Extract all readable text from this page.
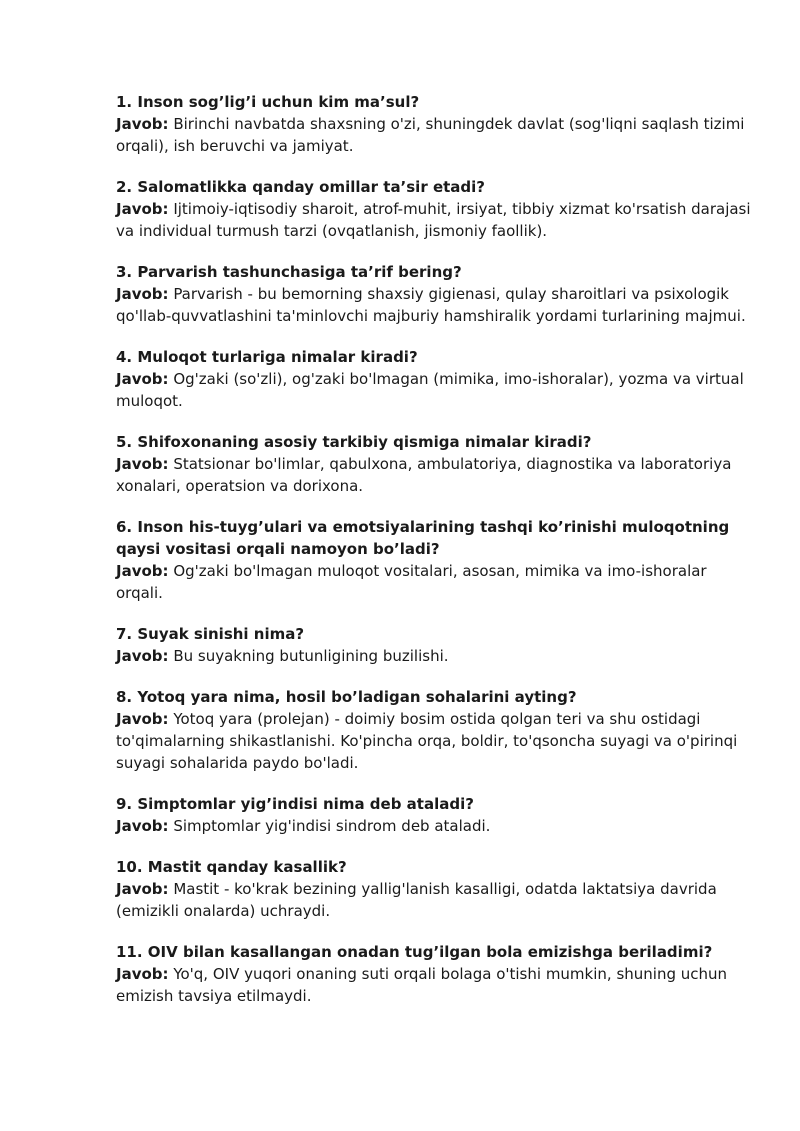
1. Inson sog’lig’i uchun kim ma’sul?

Javob: Birinchi navbatda shaxsning o'zi, shuningdek davlat (sog'liqni saqlash tizimi orqali), ish beruvchi va jamiyat.

2. Salomatlikka qanday omillar ta’sir etadi?

Javob: Ijtimoiy-iqtisodiy sharoit, atrof-muhit, irsiyat, tibbiy xizmat ko'rsatish darajasi va individual turmush tarzi (ovqatlanish, jismoniy faollik).

3. Parvarish tashunchasiga ta’rif bering?

Javob: Parvarish - bu bemorning shaxsiy gigienasi, qulay sharoitlari va psixologik qo'llab-quvvatlashini ta'minlovchi majburiy hamshiralik yordami turlarining majmui.

4. Muloqot turlariga nimalar kiradi?

Javob: Og'zaki (so'zli), og'zaki bo'lmagan (mimika, imo-ishoralar), yozma va virtual muloqot.

5. Shifoxonaning asosiy tarkibiy qismiga nimalar kiradi?

Javob: Statsionar bo'limlar, qabulxona, ambulatoriya, diagnostika va laboratoriya xonalari, operatsion va dorixona.

6. Inson his-tuyg’ulari va emotsiyalarining tashqi ko’rinishi muloqotning qaysi vositasi orqali namoyon bo’ladi?

Javob: Og'zaki bo'lmagan muloqot vositalari, asosan, mimika va imo-ishoralar orqali.

7. Suyak sinishi nima?

Javob: Bu suyakning butunligining buzilishi.

8. Yotoq yara nima, hosil bo’ladigan sohalarini ayting?

Javob: Yotoq yara (prolejan) - doimiy bosim ostida qolgan teri va shu ostidagi to'qimalarning shikastlanishi. Ko'pincha orqa, boldir, to'qsoncha suyagi va o'pirinqi suyagi sohalarida paydo bo'ladi.

9. Simptomlar yig’indisi nima deb ataladi?

Javob: Simptomlar yig'indisi sindrom deb ataladi.

10. Mastit qanday kasallik?

Javob: Mastit - ko'krak bezining yallig'lanish kasalligi, odatda laktatsiya davrida (emizikli onalarda) uchraydi.

11. OIV bilan kasallangan onadan tug’ilgan bola emizishga beriladimi?

Javob: Yo'q, OIV yuqori onaning suti orqali bolaga o'tishi mumkin, shuning uchun emizish tavsiya etilmaydi.
